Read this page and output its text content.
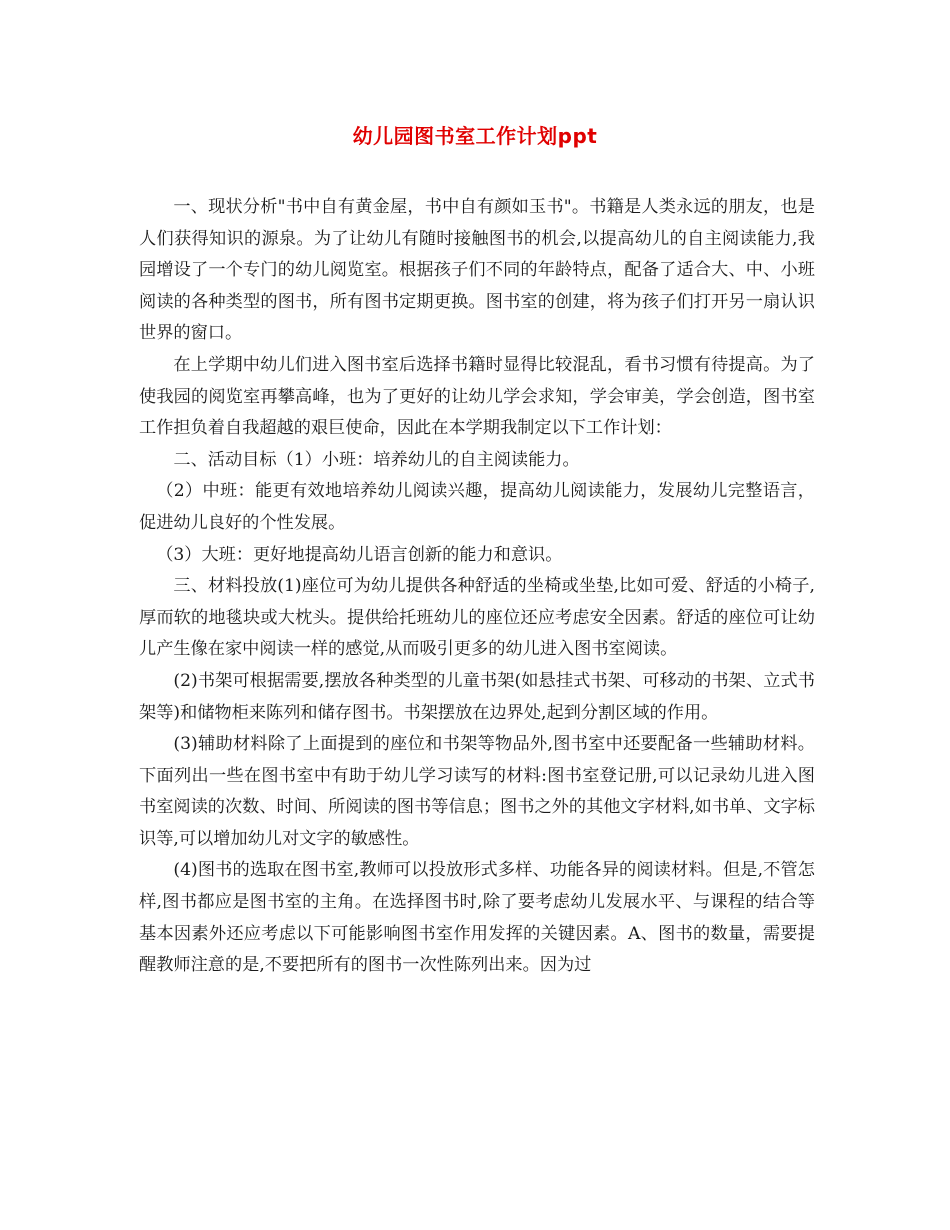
幼儿园图书室工作计划ppt

一、现状分析"书中自有黄金屋，书中自有颜如玉书"。书籍是人类永远的朋友，也是人们获得知识的源泉。为了让幼儿有随时接触图书的机会,以提高幼儿的自主阅读能力,我园增设了一个专门的幼儿阅览室。根据孩子们不同的年龄特点，配备了适合大、中、小班阅读的各种类型的图书，所有图书定期更换。图书室的创建，将为孩子们打开另一扇认识世界的窗口。

在上学期中幼儿们进入图书室后选择书籍时显得比较混乱，看书习惯有待提高。为了使我园的阅览室再攀高峰，也为了更好的让幼儿学会求知，学会审美，学会创造，图书室工作担负着自我超越的艰巨使命，因此在本学期我制定以下工作计划：

二、活动目标（1）小班：培养幼儿的自主阅读能力。

（2）中班：能更有效地培养幼儿阅读兴趣，提高幼儿阅读能力，发展幼儿完整语言，促进幼儿良好的个性发展。

（3）大班：更好地提高幼儿语言创新的能力和意识。

三、材料投放(1)座位可为幼儿提供各种舒适的坐椅或坐垫,比如可爱、舒适的小椅子,厚而软的地毯块或大枕头。提供给托班幼儿的座位还应考虑安全因素。舒适的座位可让幼儿产生像在家中阅读一样的感觉,从而吸引更多的幼儿进入图书室阅读。

(2)书架可根据需要,摆放各种类型的儿童书架(如悬挂式书架、可移动的书架、立式书架等)和储物柜来陈列和储存图书。书架摆放在边界处,起到分割区域的作用。

(3)辅助材料除了上面提到的座位和书架等物品外,图书室中还要配备一些辅助材料。下面列出一些在图书室中有助于幼儿学习读写的材料:图书室登记册,可以记录幼儿进入图书室阅读的次数、时间、所阅读的图书等信息；图书之外的其他文字材料,如书单、文字标识等,可以增加幼儿对文字的敏感性。

(4)图书的选取在图书室,教师可以投放形式多样、功能各异的阅读材料。但是,不管怎样,图书都应是图书室的主角。在选择图书时,除了要考虑幼儿发展水平、与课程的结合等基本因素外还应考虑以下可能影响图书室作用发挥的关键因素。A、图书的数量，需要提醒教师注意的是,不要把所有的图书一次性陈列出来。因为过
